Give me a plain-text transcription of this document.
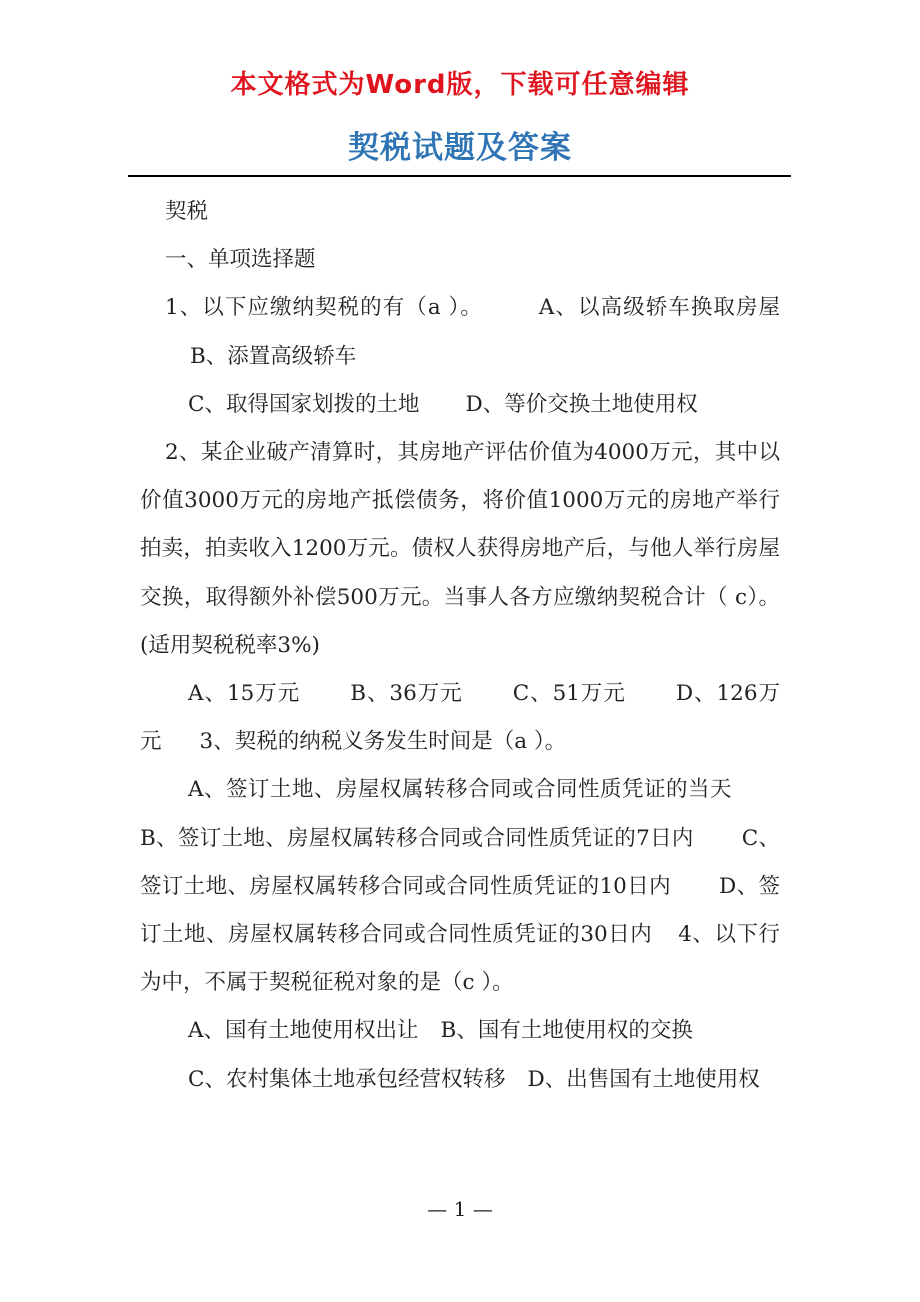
本文格式为Word版，下载可任意编辑
契税试题及答案

契税

一、单项选择题

1、以下应缴纳契税的有（a ）。	A、以高级轿车换取房屋B、添置高级轿车

C、取得国家划拨的土地 D、等价交换土地使用权

2、某企业破产清算时，其房地产评估价值为4000万元，其中以价值3000万元的房地产抵偿债务，将价值1000万元的房地产举行拍卖，拍卖收入1200万元。债权人获得房地产后，与他人举行房屋交换，取得额外补偿500万元。当事人各方应缴纳契税合计（ c）。(适用契税税率3%)

A、15万元 B、36万元 C、51万元 D、126万元 3、契税的纳税义务发生时间是（a ）。

A、签订土地、房屋权属转移合同或合同性质凭证的当天B、签订土地、房屋权属转移合同或合同性质凭证的7日内 C、签订土地、房屋权属转移合同或合同性质凭证的10日内 D、签订土地、房屋权属转移合同或合同性质凭证的30日内 4、以下行为中，不属于契税征税对象的是（c ）。

A、国有土地使用权出让 B、国有土地使用权的交换

C、农村集体土地承包经营权转移 D、出售国有土地使用权

— 1 —
